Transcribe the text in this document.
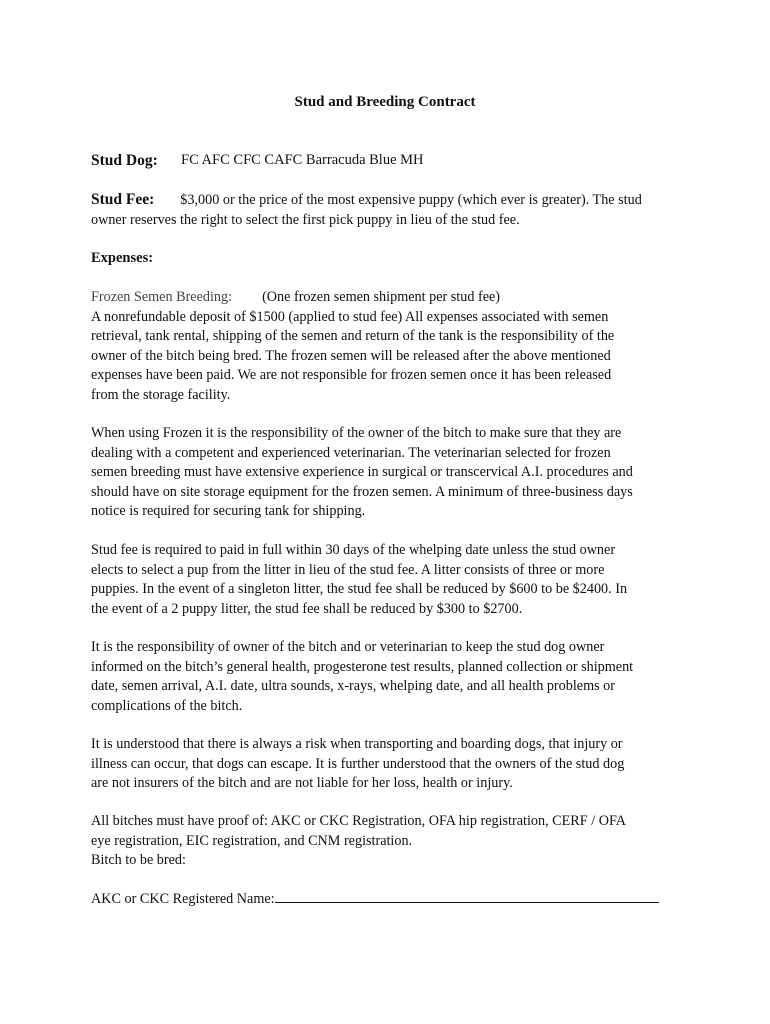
Stud and Breeding Contract
Stud Dog: FC AFC CFC CAFC Barracuda Blue MH

Stud Fee: $3,000 or the price of the most expensive puppy (which ever is greater). The stud

owner reserves the right to select the first pick puppy in lieu of the stud fee.

Expenses:

Frozen Semen Breeding: (One frozen semen shipment per stud fee)

A nonrefundable deposit of $1500 (applied to stud fee) All expenses associated with semen

retrieval, tank rental, shipping of the semen and return of the tank is the responsibility of the

owner of the bitch being bred. The frozen semen will be released after the above mentioned

expenses have been paid. We are not responsible for frozen semen once it has been released

from the storage facility.

When using Frozen it is the responsibility of the owner of the bitch to make sure that they are

dealing with a competent and experienced veterinarian. The veterinarian selected for frozen

semen breeding must have extensive experience in surgical or transcervical A.I. procedures and

should have on site storage equipment for the frozen semen. A minimum of three-business days

notice is required for securing tank for shipping.

Stud fee is required to paid in full within 30 days of the whelping date unless the stud owner

elects to select a pup from the litter in lieu of the stud fee. A litter consists of three or more

puppies. In the event of a singleton litter, the stud fee shall be reduced by $600 to be $2400. In

the event of a 2 puppy litter, the stud fee shall be reduced by $300 to $2700.

It is the responsibility of owner of the bitch and or veterinarian to keep the stud dog owner

informed on the bitch’s general health, progesterone test results, planned collection or shipment

date, semen arrival, A.I. date, ultra sounds, x-rays, whelping date, and all health problems or

complications of the bitch.

It is understood that there is always a risk when transporting and boarding dogs, that injury or

illness can occur, that dogs can escape. It is further understood that the owners of the stud dog

are not insurers of the bitch and are not liable for her loss, health or injury.

All bitches must have proof of: AKC or CKC Registration, OFA hip registration, CERF / OFA

eye registration, EIC registration, and CNM registration.

Bitch to be bred:

AKC or CKC Registered Name:
